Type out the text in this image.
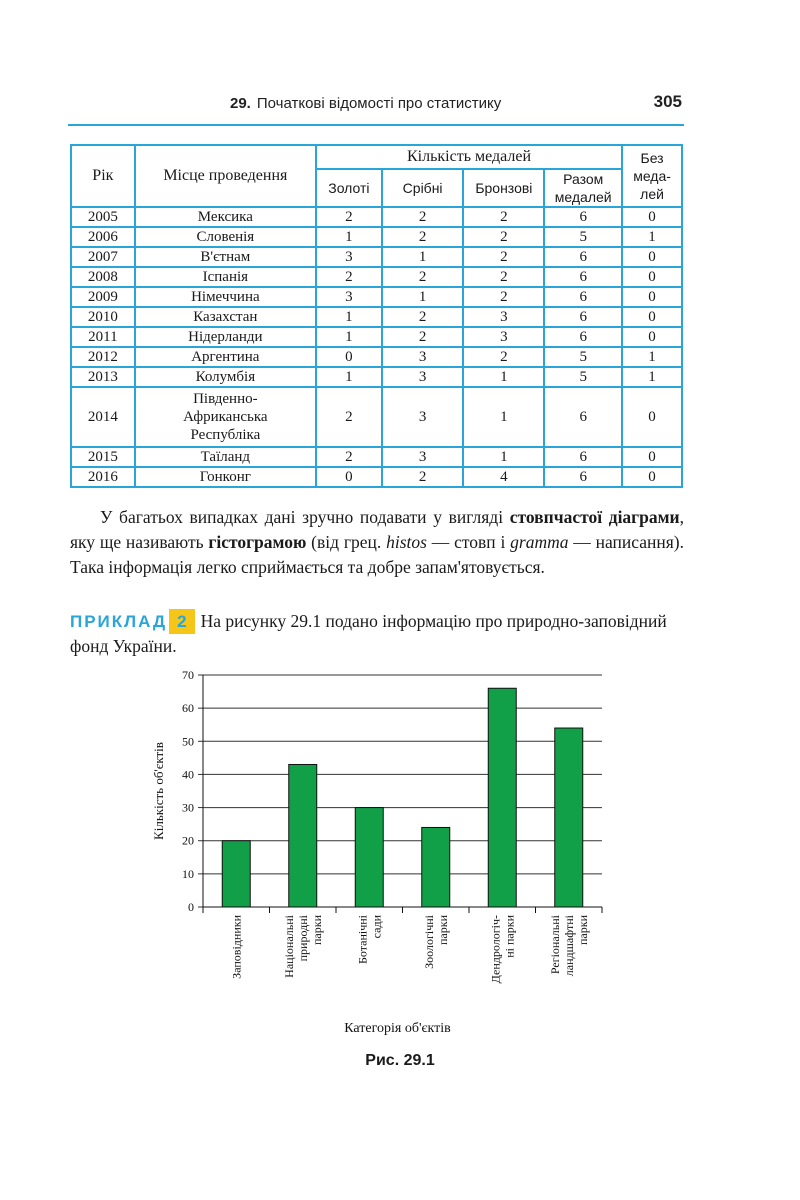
29. Початкові відомості про статистику	305
Рік	Місце проведення	Кількість медалей				Без
меда-
лей
		Золоті	Срібні	Бронзові	Разом
медалей	
2005	Мексика	2	2	2	6	0
2006	Словенія	1	2	2	5	1
2007	В'єтнам	3	1	2	6	0
2008	Іспанія	2	2	2	6	0
2009	Німеччина	3	1	2	6	0
2010	Казахстан	1	2	3	6	0
2011	Нідерланди	1	2	3	6	0
2012	Аргентина	0	3	2	5	1
2013	Колумбія	1	3	1	5	1
2014	Південно-
Африканська
Республіка	2	3	1	6	0
2015	Таїланд	2	3	1	6	0
2016	Гонконг	0	2	4	6	0

У багатьох випадках дані зручно подавати у вигляді стовпчастої діаграми, яку ще називають гістограмою (від грец. histos — стовп і gramma — написання). Така інформація легко сприймається та добре запам'ятовується.

ПРИКЛАД 2 На рисунку 29.1 подано інформацію про природно-заповідний фонд України.
0
10
20
30
40
50
60
70
Заповідники	Національні природні парки	Ботанічні сади	Зоологічні парки	Дендрологіч- ні парки	Регіональні ландшафтні парки
Кількість об'єктів
Категорія об'єктів
Рис. 29.1
